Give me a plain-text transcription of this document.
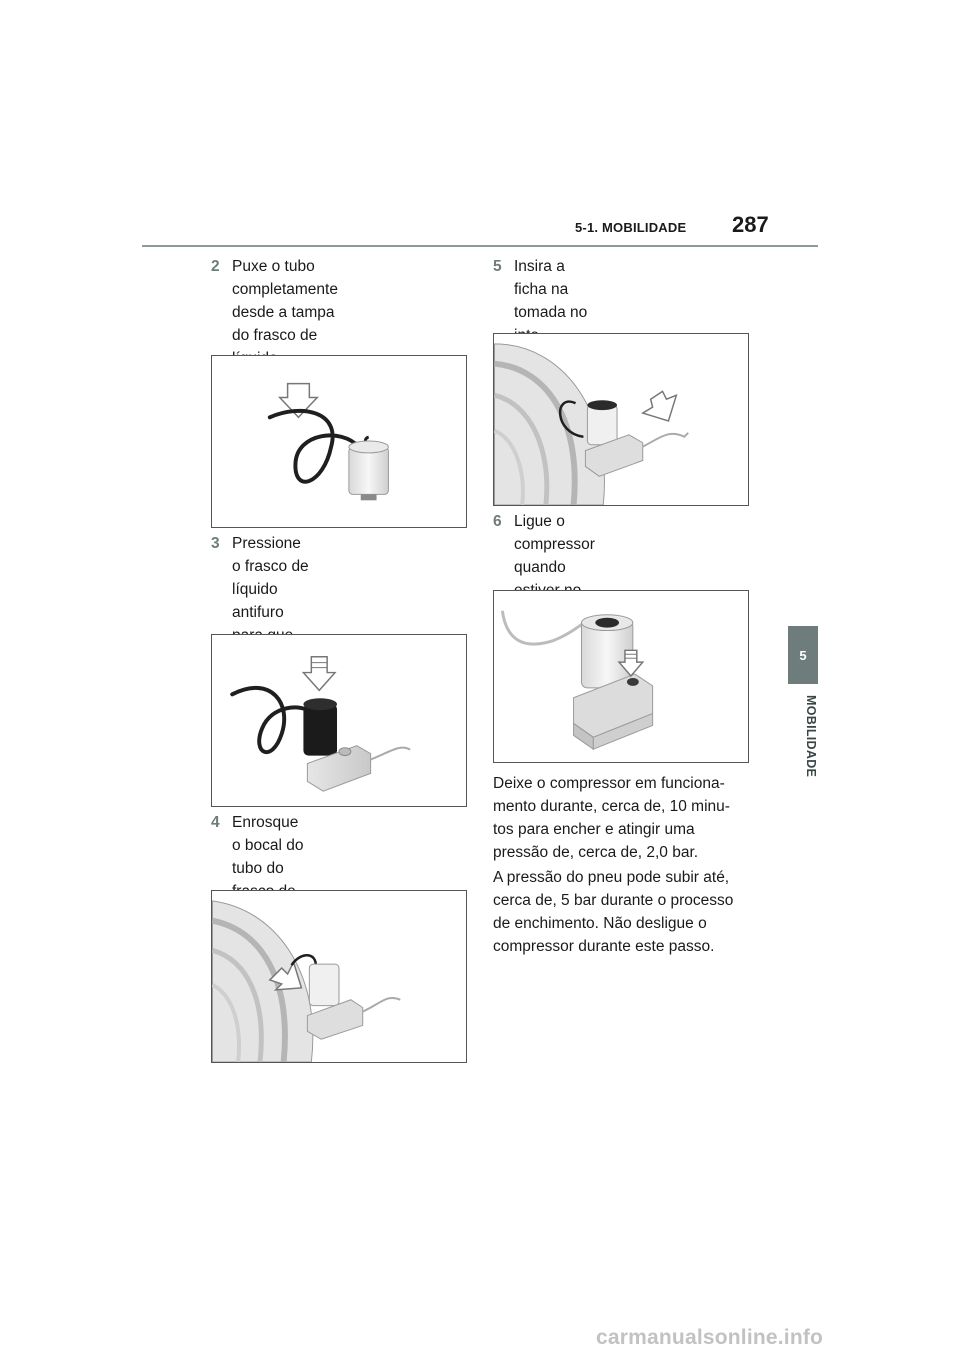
5-1. MOBILIDADE 287
5
MOBILIDADE
2 Puxe o tubo completamente
desde a tampa do frasco de
3 Pressione o frasco de líquido
antifuro
4 Enrosque o bocal do tubo do
5 Insira a ficha na tomada no
6 Ligue o compressor quando
Deixe o compressor em funciona-
mento durante, cerca de, 10 minu-
tos para encher e atingir uma
pressão de, cerca de, 2,0 bar.
A pressão do pneu pode subir até,
cerca de, 5 bar durante o processo
de enchimento. Não desligue o
compressor durante este passo.
carmanualsonline.info
